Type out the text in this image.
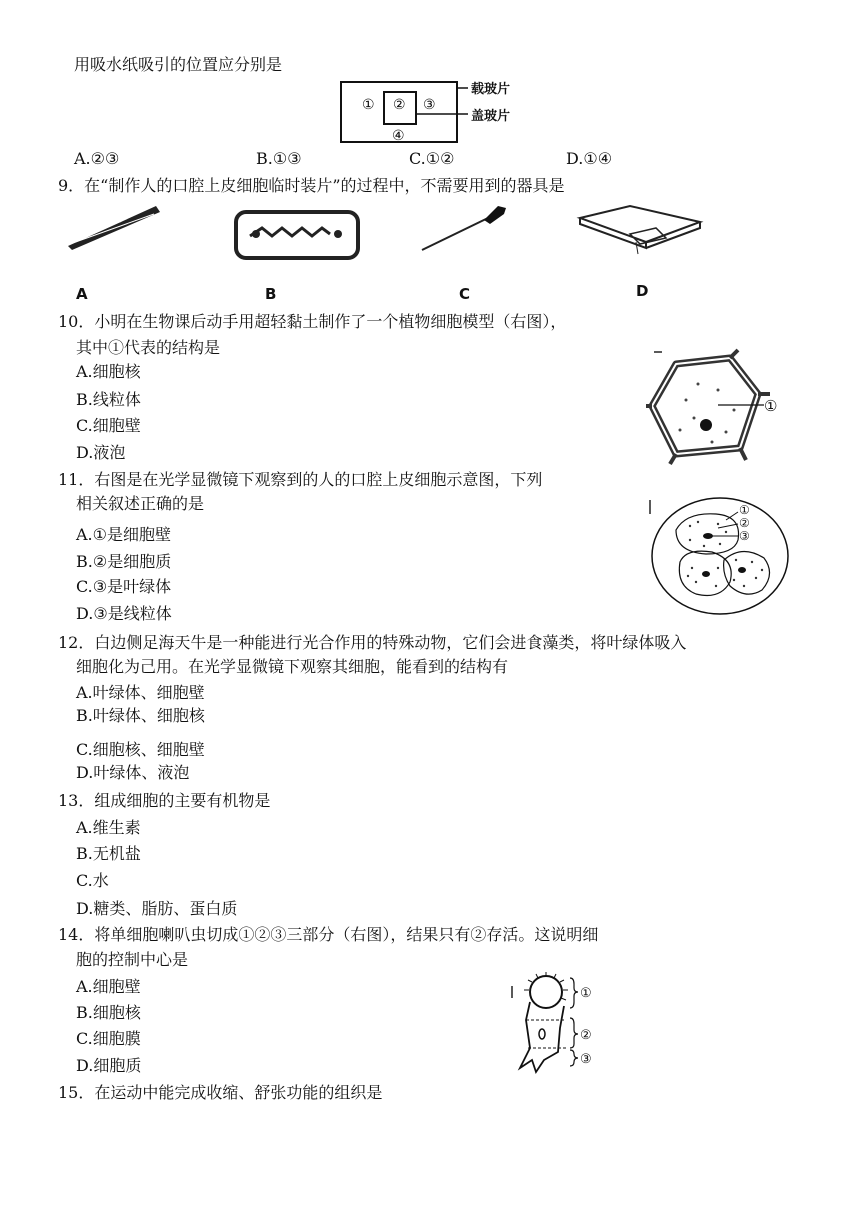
用吸水纸吸引的位置应分别是
① ② ③
④
载玻片
盖玻片
A.②③	B.①③	C.①②	D.①④
9．在“制作人的口腔上皮细胞临时装片”的过程中，不需要用到的器具是
A	B	C	D
10．小明在生物课后动手用超轻黏土制作了一个植物细胞模型（右图），
其中①代表的结构是
A.细胞核
B.线粒体
C.细胞壁
D.液泡
①
11．右图是在光学显微镜下观察到的人的口腔上皮细胞示意图，下列
相关叙述正确的是
A.①是细胞壁
B.②是细胞质
C.③是叶绿体
D.③是线粒体
①
②
③
12．白边侧足海天牛是一种能进行光合作用的特殊动物，它们会进食藻类，将叶绿体吸入
细胞化为己用。在光学显微镜下观察其细胞，能看到的结构有
A.叶绿体、细胞壁
B.叶绿体、细胞核
C.细胞核、细胞壁
D.叶绿体、液泡
13．组成细胞的主要有机物是
A.维生素
B.无机盐
C.水
D.糖类、脂肪、蛋白质
14．将单细胞喇叭虫切成①②③三部分（右图），结果只有②存活。这说明细
胞的控制中心是
A.细胞壁
B.细胞核
C.细胞膜
D.细胞质
①
②
③
15．在运动中能完成收缩、舒张功能的组织是
